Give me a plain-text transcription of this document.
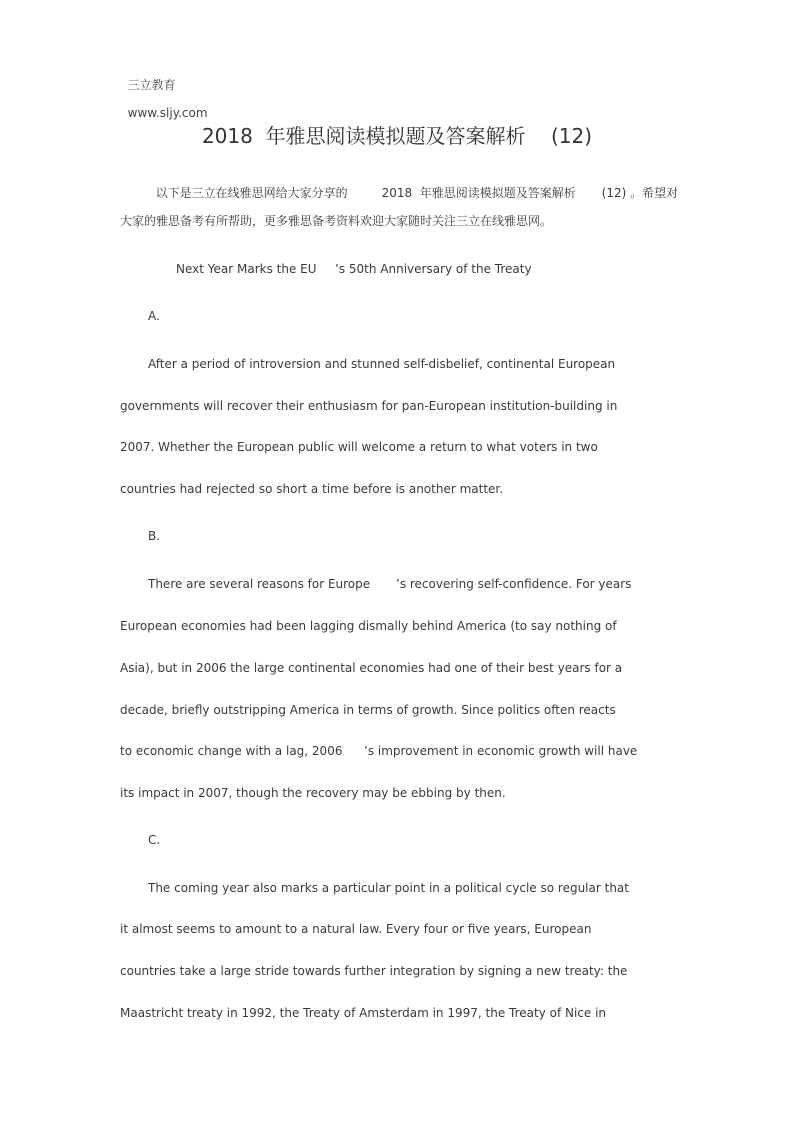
三立教育

www.sljy.com

2018  年雅思阅读模拟题及答案解析    (12)

以下是三立在线雅思网给大家分享的	2018  年雅思阅读模拟题及答案解析	(12) 。希望对

大家的雅思备考有所帮助，更多雅思备考资料欢迎大家随时关注三立在线雅思网。
Next Year Marks the EU ’s 50th Anniversary of the Treaty
A.
After a period of introversion and stunned self-disbelief, continental European
governments will recover their enthusiasm for pan-European institution-building in
2007. Whether the European public will welcome a return to what voters in two
countries had rejected so short a time before is another matter.
B.
There are several reasons for Europe ’s recovering self-confidence. For years
European economies had been lagging dismally behind America (to say nothing of
Asia), but in 2006 the large continental economies had one of their best years for a
decade, briefly outstripping America in terms of growth. Since politics often reacts
to economic change with a lag, 2006 ’s improvement in economic growth will have
its impact in 2007, though the recovery may be ebbing by then.
C.
The coming year also marks a particular point in a political cycle so regular that
it almost seems to amount to a natural law. Every four or five years, European
countries take a large stride towards further integration by signing a new treaty: the
Maastricht treaty in 1992, the Treaty of Amsterdam in 1997, the Treaty of Nice in
